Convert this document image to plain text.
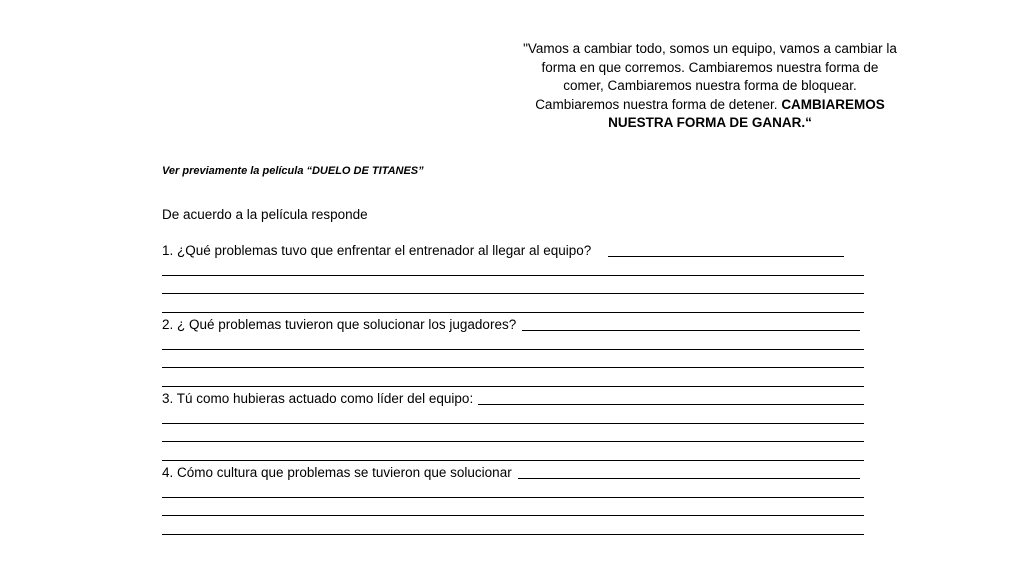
"Vamos a cambiar todo, somos un equipo, vamos a cambiar la forma en que corremos. Cambiaremos nuestra forma de comer, Cambiaremos nuestra forma de bloquear. Cambiaremos nuestra forma de detener. CAMBIAREMOS NUESTRA FORMA DE GANAR.“
Ver previamente la película “DUELO DE TITANES”
De acuerdo a la película responde
1. ¿Qué problemas tuvo que enfrentar el entrenador al llegar al equipo?
2. ¿ Qué problemas tuvieron que solucionar los jugadores?
3. Tú como hubieras actuado como líder del equipo:
4. Cómo cultura que problemas se tuvieron que solucionar
